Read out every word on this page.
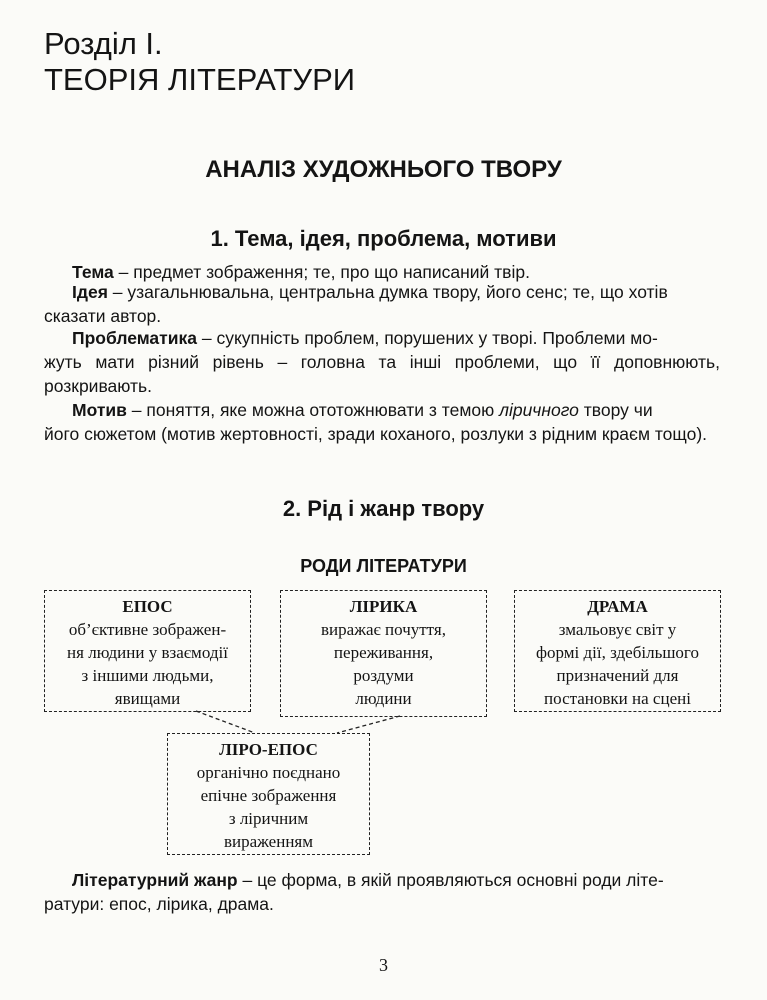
Розділ I.
ТЕОРІЯ ЛІТЕРАТУРИ
АНАЛІЗ ХУДОЖНЬОГО ТВОРУ
1. Тема, ідея, проблема, мотиви
Тема – предмет зображення; те, про що написаний твір.
Ідея – узагальнювальна, центральна думка твору, його сенс; те, що хотів
сказати автор.
Проблематика – сукупність проблем, порушених у творі. Проблеми мо-
жуть мати різний рівень – головна та інші проблеми, що її доповнюють, розкривають.
Мотив – поняття, яке можна ототожнювати з темою ліричного твору чи
його сюжетом (мотив жертовності, зради коханого, розлуки з рідним краєм тощо).
2. Рід і жанр твору
РОДИ ЛІТЕРАТУРИ
ЕПОС
об’єктивне зображен-
ня людини у взаємодії
з іншими людьми,
явищами
ЛІРИКА
виражає почуття,
переживання,
роздуми
людини
ДРАМА
змальовує світ у
формі дії, здебільшого
призначений для
постановки на сцені
ЛІРО-ЕПОС
органічно поєднано
епічне зображення
з ліричним
вираженням
Літературний жанр – це форма, в якій проявляються основні роди літе-
ратури: епос, лірика, драма.
3
